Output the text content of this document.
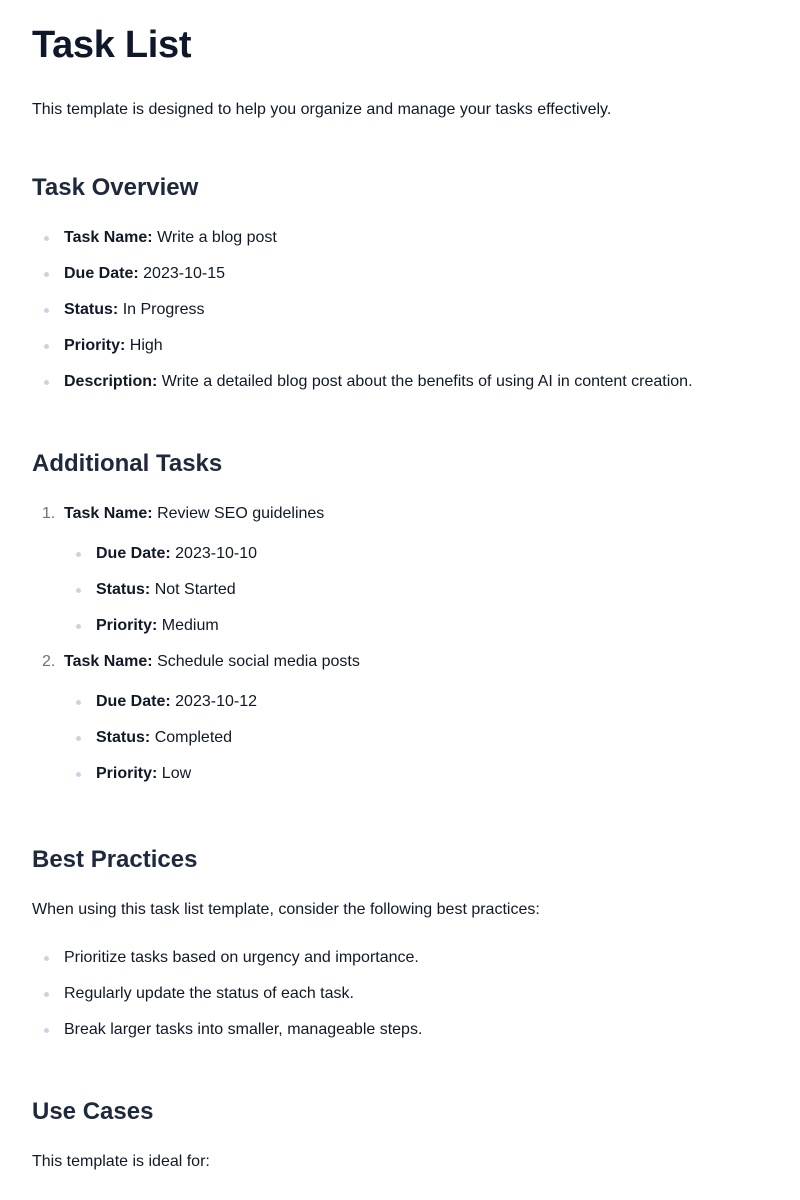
Task List

This template is designed to help you organize and manage your tasks effectively.

Task Overview
Task Name: Write a blog post
Due Date: 2023-10-15
Status: In Progress
Priority: High
Description: Write a detailed blog post about the benefits of using AI in content creation.
Additional Tasks
1. Task Name: Review SEO guidelines
Due Date: 2023-10-10
Status: Not Started
Priority: Medium
2. Task Name: Schedule social media posts
Due Date: 2023-10-12
Status: Completed
Priority: Low
Best Practices

When using this task list template, consider the following best practices:

Prioritize tasks based on urgency and importance.
Regularly update the status of each task.
Break larger tasks into smaller, manageable steps.
Use Cases

This template is ideal for:
